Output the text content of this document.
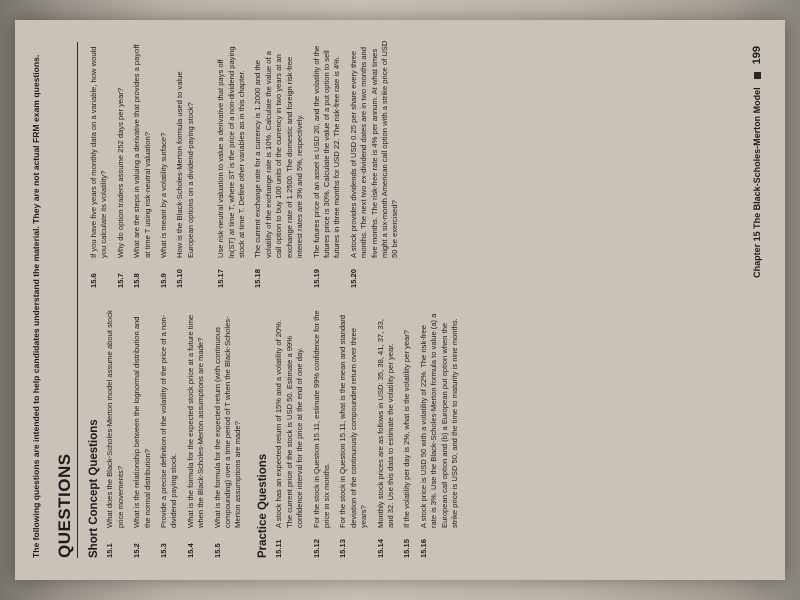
The following questions are intended to help candidates understand the material. They are not actual FRM exam questions. QUESTIONS Short Concept Questions 15.1
What does the Black-Scholes-Merton model assume about stock price movements?
15.2
What is the relationship between the lognormal distribution and the normal distribution?
15.3
Provide a precise definition of the volatility of the price of a non-dividend paying stock.
15.4
What is the formula for the expected stock price at a future time when the Black-Scholes-Merton assumptions are made?
15.5
What is the formula for the expected return (with continuous compounding) over a time period of T when the Black-Scholes-Merton assumptions are made? Practice Questions 15.11
A stock has an expected return of 15% and a volatility of 20%. The current price of the stock is USD 50. Estimate a 99% confidence interval for the price at the end of one day.
15.12
For the stock in Question 15.11, estimate 99% confidence for the price in six months.
15.13
For the stock in Question 15.11, what is the mean and standard deviation of the continuously compounded return over three years?
15.14
Monthly stock prices are as follows in USD: 35, 38, 41, 37, 33, and 32. Use this data to estimate the volatility per year.
15.15
If the volatility per day is 2%, what is the volatility per year?
15.16
A stock price is USD 50 with a volatility of 22%. The risk-free rate is 3%. Use the Black-Scholes-Merton formula to value (a) a European call option and (b) a European put option when the strike price is USD 50, and the time to maturity is nine months.
15.6
If you have five years of monthly data on a variable, how would you calculate its volatility?
15.7
Why do option traders assume 252 days per year?
15.8
What are the steps in valuing a derivative that provides a payoff at time T using risk-neutral valuation?
15.9
What is meant by a volatility surface?
15.10
How is the Black-Scholes-Merton formula used to value European options on a dividend-paying stock?
15.17
Use risk-neutral valuation to value a derivative that pays off ln(ST) at time T, where ST is the price of a non-dividend paying stock at time T. Define other variables as in this chapter.
15.18
The current exchange rate for a currency is 1.2000 and the volatility of the exchange rate is 10%. Calculate the value of a call option to buy 100 units of the currency in two years at an exchange rate of 1.2500. The domestic and foreign risk-free interest rates are 3% and 5%, respectively.
15.19
The futures price of an asset is USD 20, and the volatility of the futures price is 30%. Calculate the value of a put option to sell futures in three months for USD 22. The risk-free rate is 4%.
15.20
A stock provides dividends of USD 0.25 per share every three months. The next two ex-dividend dates are in two months and five months. The risk-free rate is 4% per annum. At what times might a six-month American call option with a strike price of USD 50 be exercised?	Chapter 15 The Black-Scholes-Merton Model
199
